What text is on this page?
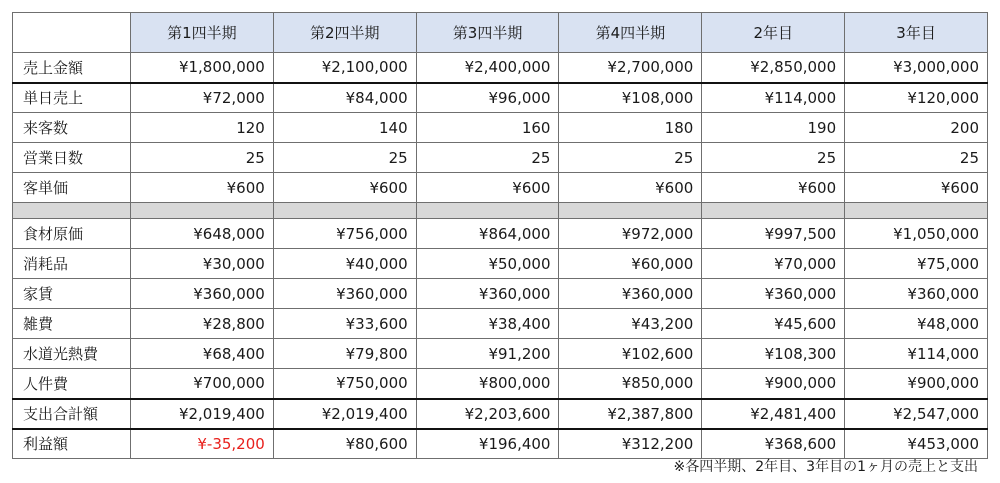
	第1四半期	第2四半期	第3四半期	第4四半期	2年目	3年目
売上金額	¥1,800,000	¥2,100,000	¥2,400,000	¥2,700,000	¥2,850,000	¥3,000,000
単日売上	¥72,000	¥84,000	¥96,000	¥108,000	¥114,000	¥120,000
来客数	120	140	160	180	190	200
営業日数	25	25	25	25	25	25
客単価	¥600	¥600	¥600	¥600	¥600	¥600

食材原価	¥648,000	¥756,000	¥864,000	¥972,000	¥997,500	¥1,050,000
消耗品	¥30,000	¥40,000	¥50,000	¥60,000	¥70,000	¥75,000
家賃	¥360,000	¥360,000	¥360,000	¥360,000	¥360,000	¥360,000
雑費	¥28,800	¥33,600	¥38,400	¥43,200	¥45,600	¥48,000
水道光熱費	¥68,400	¥79,800	¥91,200	¥102,600	¥108,300	¥114,000
人件費	¥700,000	¥750,000	¥800,000	¥850,000	¥900,000	¥900,000
支出合計額	¥2,019,400	¥2,019,400	¥2,203,600	¥2,387,800	¥2,481,400	¥2,547,000
利益額	¥-35,200	¥80,600	¥196,400	¥312,200	¥368,600	¥453,000
※各四半期、2年目、3年目の1ヶ月の売上と支出
